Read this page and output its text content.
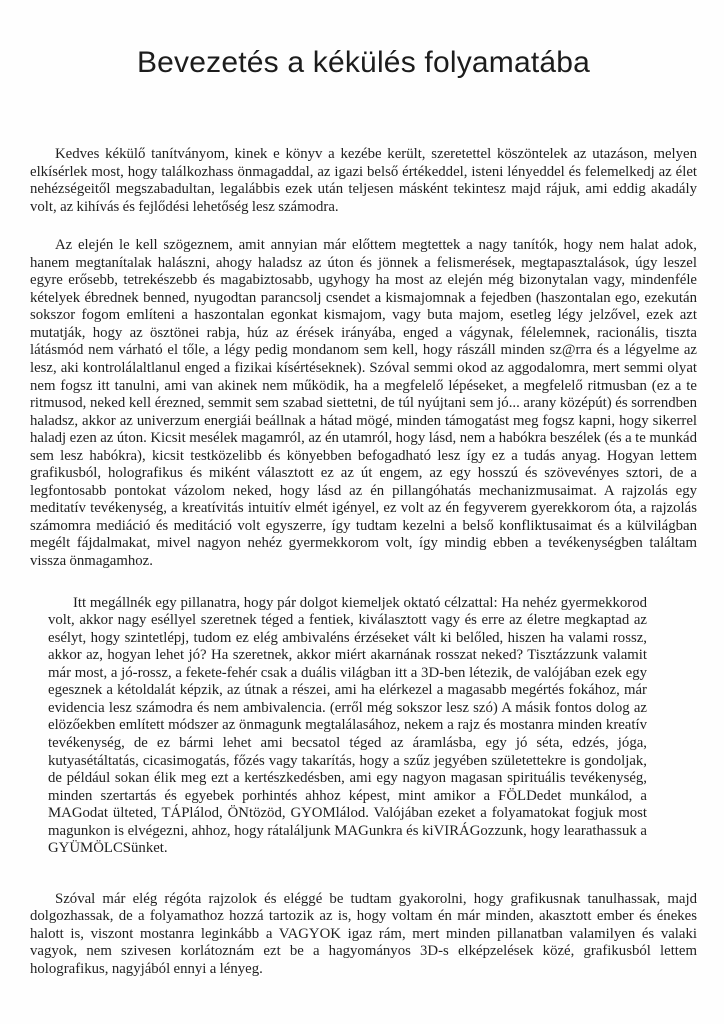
Bevezetés a kékülés folyamatába

Kedves kékülő tanítványom, kinek e könyv a kezébe került, szeretettel köszöntelek az utazáson, melyen elkísérlek most, hogy találkozhass önmagaddal, az igazi belső értékeddel, isteni lényeddel és felemelkedj az élet nehézségeitől megszabadultan, legalábbis ezek után teljesen másként tekintesz majd rájuk, ami eddig akadály volt, az kihívás és fejlődési lehetőség lesz számodra.

Az elején le kell szögeznem, amit annyian már előttem megtettek a nagy tanítók, hogy nem halat adok, hanem megtanítalak halászni, ahogy haladsz az úton és jönnek a felismerések, megtapasztalások, úgy leszel egyre erősebb, tetrekészebb és magabiztosabb, ugyhogy ha most az elején még bizonytalan vagy, mindenféle kételyek ébrednek benned, nyugodtan parancsolj csendet a kismajomnak a fejedben (haszontalan ego, ezekután sokszor fogom említeni a haszontalan egonkat kismajom, vagy buta majom, esetleg légy jelzővel, ezek azt mutatják, hogy az ösztönei rabja, húz az érések irányába, enged a vágynak, félelemnek, racionális, tiszta látásmód nem várható el tőle, a légy pedig mondanom sem kell, hogy rászáll minden sz@rra és a légyelme az lesz, aki kontrolálaltlanul enged a fizikai kísértéseknek). Szóval semmi okod az aggodalomra, mert semmi olyat nem fogsz itt tanulni, ami van akinek nem működik, ha a megfelelő lépéseket, a megfelelő ritmusban (ez a te ritmusod, neked kell érezned, semmit sem szabad siettetni, de túl nyújtani sem jó... arany középút) és sorrendben haladsz, akkor az univerzum energiái beállnak a hátad mögé, minden támogatást meg fogsz kapni, hogy sikerrel haladj ezen az úton. Kicsit mesélek magamról, az én utamról, hogy lásd, nem a habókra beszélek (és a te munkád sem lesz habókra), kicsit testközelibb és könyebben befogadható lesz így ez a tudás anyag. Hogyan lettem grafikusból, holografikus és miként választott ez az út engem, az egy hosszú és szövevényes sztori, de a legfontosabb pontokat vázolom neked, hogy lásd az én pillangóhatás mechanizmusaimat. A rajzolás egy meditatív tevékenység, a kreatívitás intuitív elmét igényel, ez volt az én fegyverem gyerekkorom óta, a rajzolás számomra mediáció és meditáció volt egyszerre, így tudtam kezelni a belső konfliktusaimat és a külvilágban megélt fájdalmakat, mivel nagyon nehéz gyermekkorom volt, így mindig ebben a tevékenységben találtam vissza önmagamhoz.

Itt megállnék egy pillanatra, hogy pár dolgot kiemeljek oktató célzattal: Ha nehéz gyermekkorod volt, akkor nagy eséllyel szeretnek téged a fentiek, kiválasztott vagy és erre az életre megkaptad az esélyt, hogy szintetlépj, tudom ez elég ambivaléns érzéseket vált ki belőled, hiszen ha valami rossz, akkor az, hogyan lehet jó? Ha szeretnek, akkor miért akarnának rosszat neked? Tisztázzunk valamit már most, a jó-rossz, a fekete-fehér csak a duális világban itt a 3D-ben létezik, de valójában ezek egy egesznek a kétoldalát képzik, az útnak a részei, ami ha elérkezel a magasabb megértés fokához, már evidencia lesz számodra és nem ambivalencia. (erről még sokszor lesz szó) A másik fontos dolog az elözőekben említett módszer az önmagunk megtalálasához, nekem a rajz és mostanra minden kreatív tevékenység, de ez bármi lehet ami becsatol téged az áramlásba, egy jó séta, edzés, jóga, kutyasétáltatás, cicasimogatás, főzés vagy takarítás, hogy a szűz jegyében születettekre is gondoljak, de például sokan élik meg ezt a kertészkedésben, ami egy nagyon magasan spirituális tevékenység, minden szertartás és egyebek porhintés ahhoz képest, mint amikor a FÖLDedet munkálod, a MAGodat ülteted, TÁPlálod, ÖNtözöd, GYOMlálod. Valójában ezeket a folyamatokat fogjuk most magunkon is elvégezni, ahhoz, hogy rátaláljunk MAGunkra és kiVIRÁGozzunk, hogy learathassuk a GYÜMÖLCSünket.

Szóval már elég régóta rajzolok és eléggé be tudtam gyakorolni, hogy grafikusnak tanulhassak, majd dolgozhassak, de a folyamathoz hozzá tartozik az is, hogy voltam én már minden, akasztott ember és énekes halott is, viszont mostanra leginkább a VAGYOK igaz rám, mert minden pillanatban valamilyen és valaki vagyok, nem szivesen korlátoznám ezt be a hagyományos 3D-s elképzelések közé, grafikusból lettem holografikus, nagyjából ennyi a lényeg.
